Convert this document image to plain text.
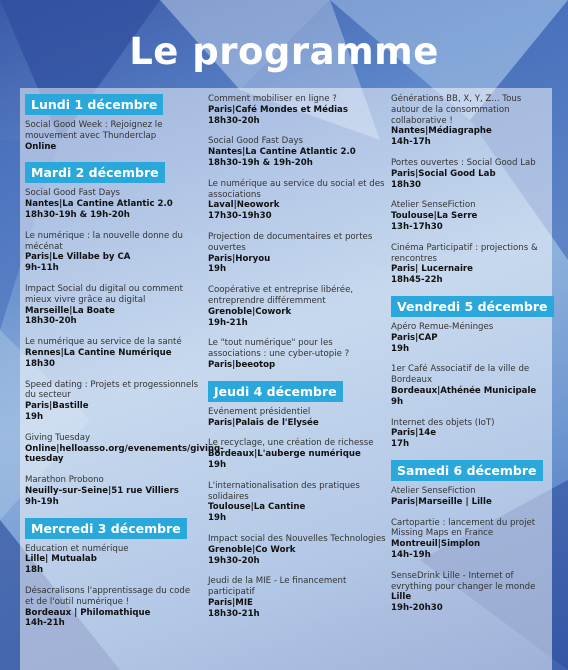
Le programme
Lundi 1 décembre
Social Good Week : Rejoignez le mouvement avec Thunderclap
Online
Mardi 2 décembre
Social Good Fast Days
Nantes|La Cantine Atlantic 2.0
18h30-19h & 19h-20h
Le numérique : la nouvelle donne du mécénat
Paris|Le Villabe by CA
9h-11h
Impact Social du digital ou comment mieux vivre grâce au digital
Marseille|La Boate
18h30-20h
Le numérique au service de la santé
Rennes|La Cantine Numérique
18h30
Speed dating : Projets et progessionnels du secteur
Paris|Bastille
19h
Giving Tuesday
Online|helloasso.org/evenements/giving-tuesday
Marathon Probono
Neuilly-sur-Seine|51 rue Villiers
9h-19h
Mercredi 3 décembre
Education et numérique
Lille| Mutualab
18h
Désacralisons l'apprentissage du code et de l'outil numérique !
Bordeaux | Philomathique
14h-21h
Comment mobiliser en ligne ?
Paris|Café Mondes et Médias
18h30-20h
Social Good Fast Days
Nantes|La Cantine Atlantic 2.0
18h30-19h & 19h-20h
Le numérique au service du social et des associations
Laval|Neowork
17h30-19h30
Projection de documentaires et portes ouvertes
Paris|Horyou
19h
Coopérative et entreprise libérée, entreprendre différemment
Grenoble|Cowork
19h-21h
Le "tout numérique" pour les associations : une cyber-utopie ?
Paris|beeotop
Jeudi 4 décembre
Evénement présidentiel
Paris|Palais de l'Elysée
Le recyclage, une création de richesse
Bordeaux|L'auberge numérique
19h
L'internationalisation des pratiques solidaires
Toulouse|La Cantine
19h
Impact social des Nouvelles Technologies
Grenoble|Co Work
19h30-20h
Jeudi de la MIE - Le financement participatif
Paris|MIE
18h30-21h
Générations BB, X, Y, Z... Tous autour de la consommation collaborative !
Nantes|Médiagraphe
14h-17h
Portes ouvertes : Social Good Lab
Paris|Social Good Lab
18h30
Atelier SenseFiction
Toulouse|La Serre
13h-17h30
Cinéma Participatif : projections & rencontres
Paris| Lucernaire
18h45-22h
Vendredi 5 décembre
Apéro Remue-Méninges
Paris|CAP
19h
1er Café Associatif de la ville de Bordeaux
Bordeaux|Athénée Municipale
9h
Internet des objets (IoT)
Paris|14e
17h
Samedi 6 décembre
Atelier SenseFiction
Paris|Marseille | Lille
Cartopartie : lancement du projet Missing Maps en France
Montreuil|Simplon
14h-19h
SenseDrink Lille - Internet of evrything pour changer le monde
Lille
19h-20h30
